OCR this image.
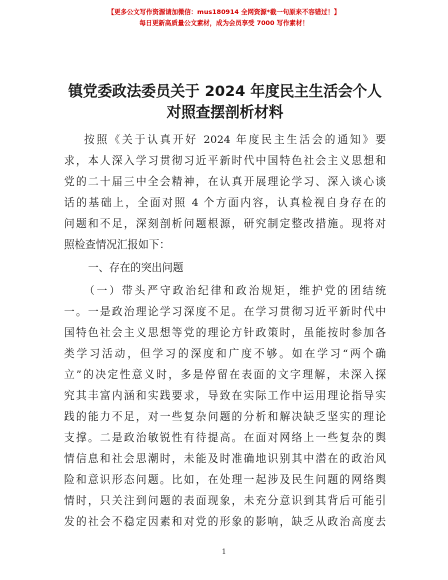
【更多公文写作资源请加微信：mus180914 全网资源*截一句原来不容错过！】
每日更新高质量公文素材，成为会员享受 7000 写作素材！
镇党委政法委员关于 2024 年度民主生活会个人
对照查摆剖析材料
按照《关于认真开好 2024 年度民主生活会的通知》要
求，本人深入学习贯彻习近平新时代中国特色社会主义思想和
党的二十届三中全会精神，在认真开展理论学习、深入谈心谈
话的基础上，全面对照 4 个方面内容，认真检视自身存在的
问题和不足，深刻剖析问题根源，研究制定整改措施。现将对
照检查情况汇报如下：
一、存在的突出问题
（一）带头严守政治纪律和政治规矩，维护党的团结统
一。一是政治理论学习深度不足。在学习贯彻习近平新时代中
国特色社会主义思想等党的理论方针政策时，虽能按时参加各
类学习活动，但学习的深度和广度不够。如在学习“两个确
立”的决定性意义时，多是停留在表面的文字理解，未深入探
究其丰富内涵和实践要求，导致在实际工作中运用理论指导实
践的能力不足，对一些复杂问题的分析和解决缺乏坚实的理论
支撑。二是政治敏锐性有待提高。在面对网络上一些复杂的舆
情信息和社会思潮时，未能及时准确地识别其中潜在的政治风
险和意识形态问题。比如，在处理一起涉及民生问题的网络舆
情时，只关注到问题的表面现象，未充分意识到其背后可能引
发的社会不稳定因素和对党的形象的影响，缺乏从政治高度去
1
